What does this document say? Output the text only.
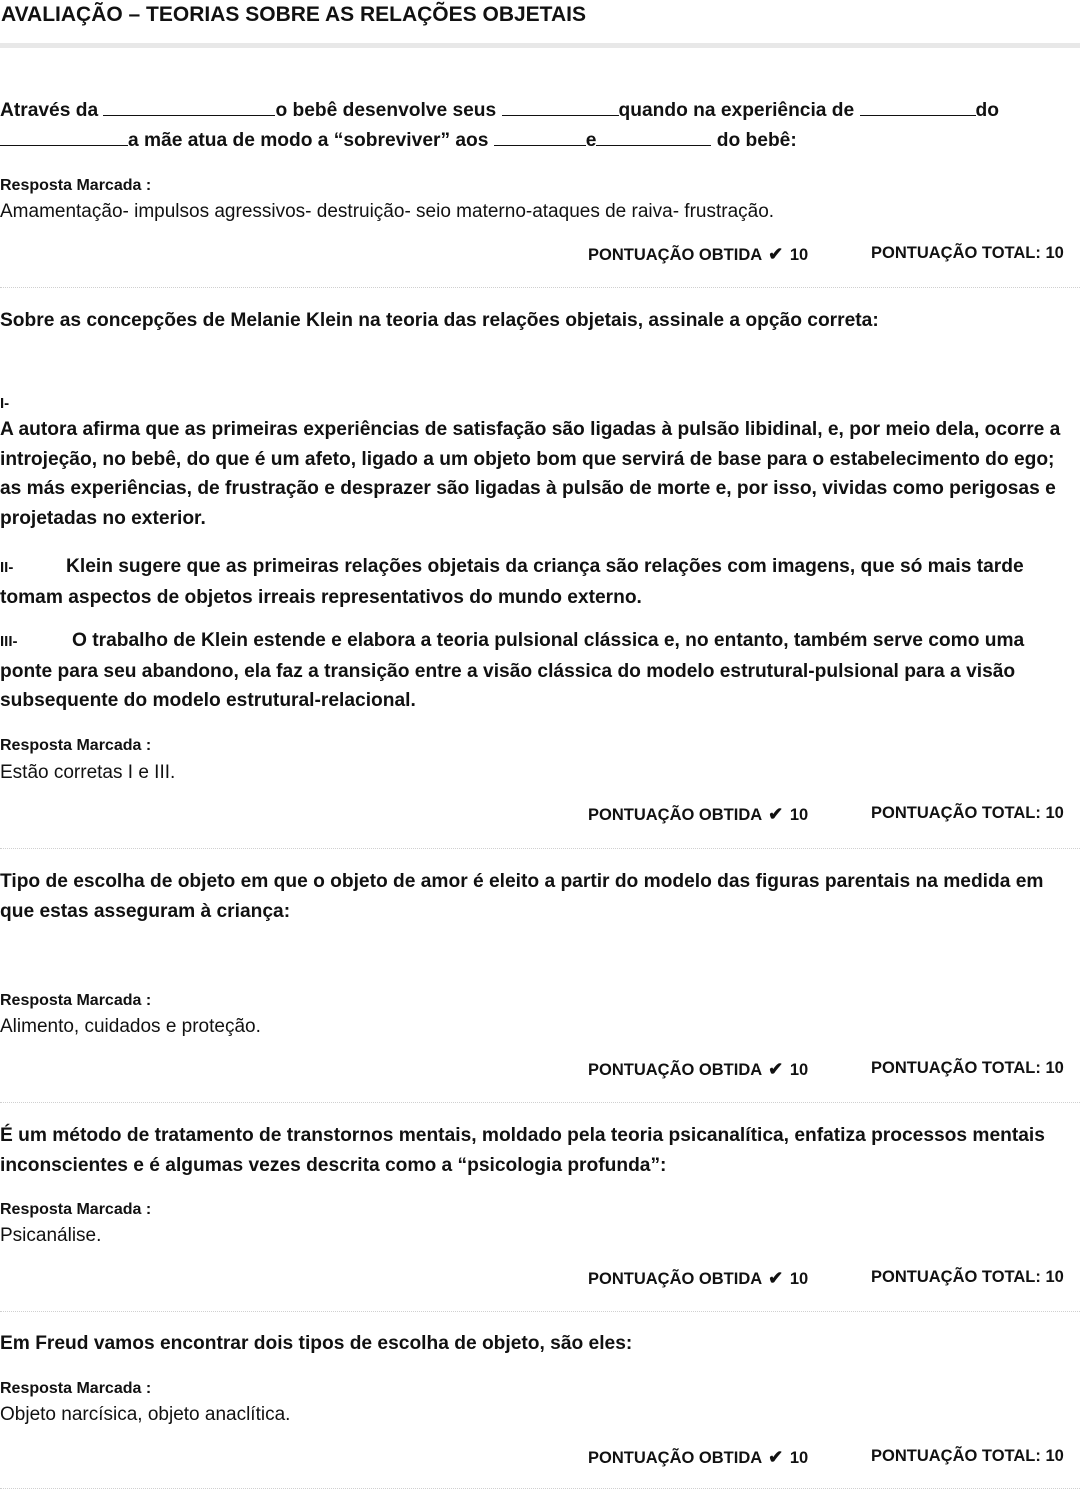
AVALIAÇÃO – TEORIAS SOBRE AS RELAÇÕES OBJETAIS

Através da	o bebê desenvolve seus	quando na experiência de	do
a mãe atua de modo a “sobreviver” aos	e	do bebê:

Resposta Marcada :

Amamentação- impulsos agressivos- destruição- seio materno-ataques de raiva- frustração.

PONTUAÇÃO OBTIDA ✔ 10	PONTUAÇÃO TOTAL: 10

Sobre as concepções de Melanie Klein na teoria das relações objetais, assinale a opção correta:

I-

A autora afirma que as primeiras experiências de satisfação são ligadas à pulsão libidinal, e, por meio dela, ocorre a introjeção, no bebê, do que é um afeto, ligado a um objeto bom que servirá de base para o estabelecimento do ego; as más experiências, de frustração e desprazer são ligadas à pulsão de morte e, por isso, vividas como perigosas e projetadas no exterior.

II-	Klein sugere que as primeiras relações objetais da criança são relações com imagens, que só mais tarde tomam aspectos de objetos irreais representativos do mundo externo.

III-	O trabalho de Klein estende e elabora a teoria pulsional clássica e, no entanto, também serve como uma ponte para seu abandono, ela faz a transição entre a visão clássica do modelo estrutural-pulsional para a visão subsequente do modelo estrutural-relacional.

Resposta Marcada :

Estão corretas I e III.

PONTUAÇÃO OBTIDA ✔ 10	PONTUAÇÃO TOTAL: 10

Tipo de escolha de objeto em que o objeto de amor é eleito a partir do modelo das figuras parentais na medida em que estas asseguram à criança:

Resposta Marcada :

Alimento, cuidados e proteção.

PONTUAÇÃO OBTIDA ✔ 10	PONTUAÇÃO TOTAL: 10

É um método de tratamento de transtornos mentais, moldado pela teoria psicanalítica, enfatiza processos mentais inconscientes e é algumas vezes descrita como a “psicologia profunda”:

Resposta Marcada :

Psicanálise.

PONTUAÇÃO OBTIDA ✔ 10	PONTUAÇÃO TOTAL: 10

Em Freud vamos encontrar dois tipos de escolha de objeto, são eles:

Resposta Marcada :

Objeto narcísica, objeto anaclítica.

PONTUAÇÃO OBTIDA ✔ 10	PONTUAÇÃO TOTAL: 10
